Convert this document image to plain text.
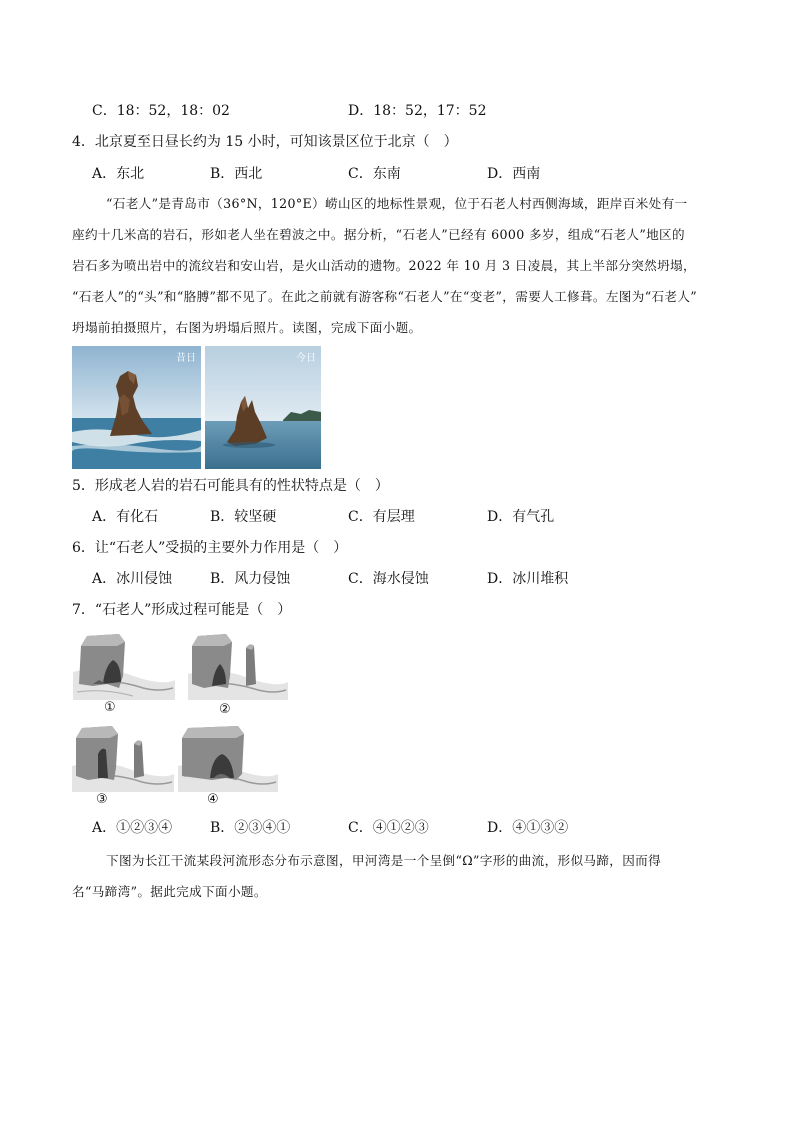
C．18：52，18：02	D．18：52，17：52
4．北京夏至日昼长约为 15 小时，可知该景区位于北京（　）
A．东北	B．西北	C．东南	D．西南
“石老人”是青岛市（36°N，120°E）崂山区的地标性景观，位于石老人村西侧海域，距岸百米处有一
座约十几米高的岩石，形如老人坐在碧波之中。据分析，“石老人”已经有 6000 多岁，组成“石老人”地区的
岩石多为喷出岩中的流纹岩和安山岩，是火山活动的遗物。2022 年 10 月 3 日凌晨，其上半部分突然坍塌，
“石老人”的“头”和“胳膊”都不见了。在此之前就有游客称“石老人”在“变老”，需要人工修葺。左图为“石老人”
坍塌前拍摄照片，右图为坍塌后照片。读图，完成下面小题。
昔日	今日
5．形成老人岩的岩石可能具有的性状特点是（　）
A．有化石	B．较坚硬	C．有层理	D．有气孔
6．让“石老人”受损的主要外力作用是（　）
A．冰川侵蚀	B．风力侵蚀	C．海水侵蚀	D．冰川堆积
7．“石老人”形成过程可能是（　）
①	②
③	④
A．①②③④	B．②③④①	C．④①②③	D．④①③②
下图为长江干流某段河流形态分布示意图，甲河湾是一个呈倒“Ω”字形的曲流，形似马蹄，因而得
名“马蹄湾”。据此完成下面小题。
